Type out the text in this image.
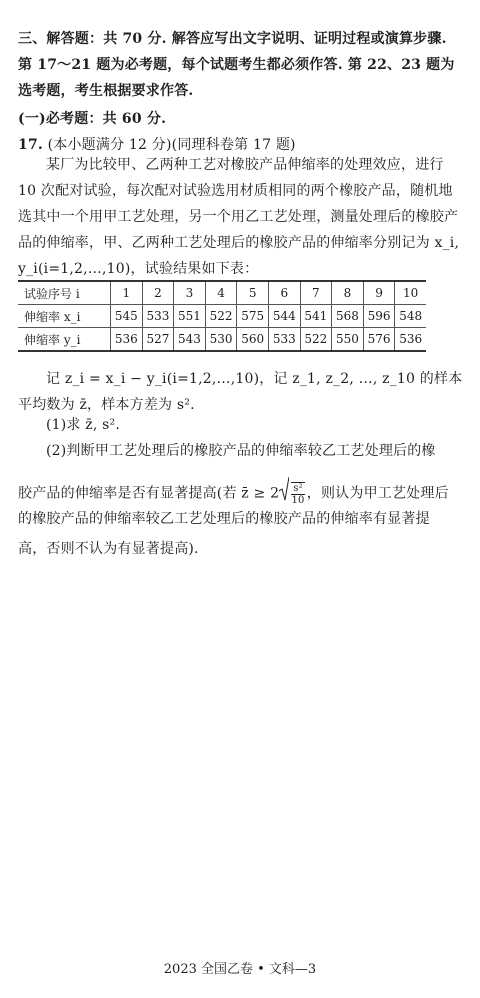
三、解答题：共 70 分. 解答应写出文字说明、证明过程或演算步骤. 第 17～21 题为必考题，每个试题考生都必须作答. 第 22、23 题为选考题，考生根据要求作答.
(一)必考题：共 60 分.
17. (本小题满分 12 分)(同理科卷第 17 题)
某厂为比较甲、乙两种工艺对橡胶产品伸缩率的处理效应，进行 10 次配对试验，每次配对试验选用材质相同的两个橡胶产品，随机地选其中一个用甲工艺处理，另一个用乙工艺处理，测量处理后的橡胶产品的伸缩率，甲、乙两种工艺处理后的橡胶产品的伸缩率分别记为 x_i, y_i(i=1,2,…,10)，试验结果如下表：
试验序号 i	1	2	3	4	5	6	7	8	9	10
伸缩率 x_i	545	533	551	522	575	544	541	568	596	548
伸缩率 y_i	536	527	543	530	560	533	522	550	576	536
记 z_i = x_i − y_i(i=1,2,…,10)，记 z_1, z_2, …, z_10 的样本平均数为 z̄，样本方差为 s².
(1)求 z̄, s².
(2)判断甲工艺处理后的橡胶产品的伸缩率较乙工艺处理后的橡
胶产品的伸缩率是否有显著提高(若 z̄ ≥ $2 \frac{\text{s²}}{10}$ ，则认为甲工艺处理后
的橡胶产品的伸缩率较乙工艺处理后的橡胶产品的伸缩率有显著提
高，否则不认为有显著提高).
2023 全国乙卷 • 文科—3
